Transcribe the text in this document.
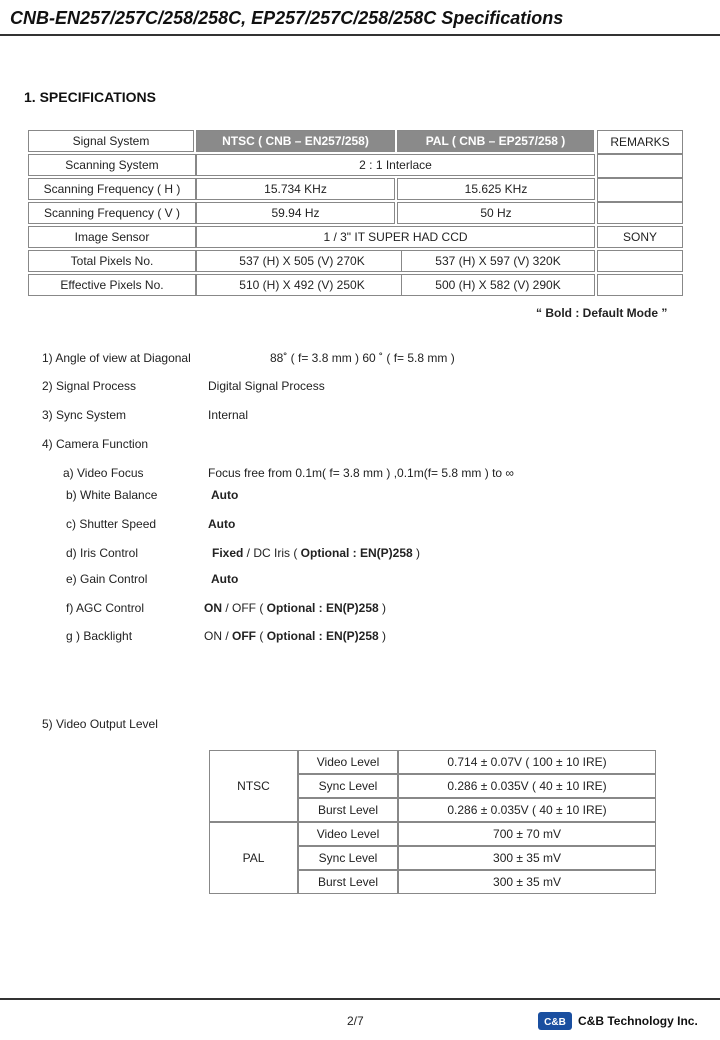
CNB-EN257/257C/258/258C, EP257/257C/258/258C Specifications
1. SPECIFICATIONS
Signal System	NTSC ( CNB – EN257/258)	PAL ( CNB – EP257/258 )	REMARKS
Scanning System	2 : 1 Interlace
Scanning Frequency ( H )	15.734 KHz	15.625 KHz
Scanning Frequency ( V )	59.94 Hz	50 Hz
Image Sensor	1 / 3" IT SUPER HAD CCD	SONY
Total Pixels No.	537 (H) X 505 (V) 270K	537 (H) X 597 (V) 320K
Effective Pixels No.	510 (H) X 492 (V) 250K	500 (H) X 582 (V) 290K
“ Bold : Default Mode ”
1) Angle of view at Diagonal	88˚ ( f= 3.8 mm ) 60 ˚ ( f= 5.8 mm )
2) Signal Process	Digital Signal Process
3) Sync System	Internal
4) Camera Function
a) Video Focus	Focus free from 0.1m( f= 3.8 mm ) ,0.1m(f= 5.8 mm ) to ∞
b) White Balance	Auto
c) Shutter Speed	Auto
d) Iris Control	Fixed / DC Iris ( Optional : EN(P)258 )
e) Gain Control	Auto
f) AGC Control	ON / OFF ( Optional : EN(P)258 )
g ) Backlight	ON / OFF ( Optional : EN(P)258 )
5) Video Output Level
NTSC
Video Level	0.714 ± 0.07V ( 100 ± 10 IRE)
Sync Level	0.286 ± 0.035V ( 40 ± 10 IRE)
Burst Level	0.286 ± 0.035V ( 40 ± 10 IRE)
PAL
Video Level	700 ± 70 mV
Sync Level	300 ± 35 mV
Burst Level	300 ± 35 mV
2/7	C&B C&B Technology Inc.
